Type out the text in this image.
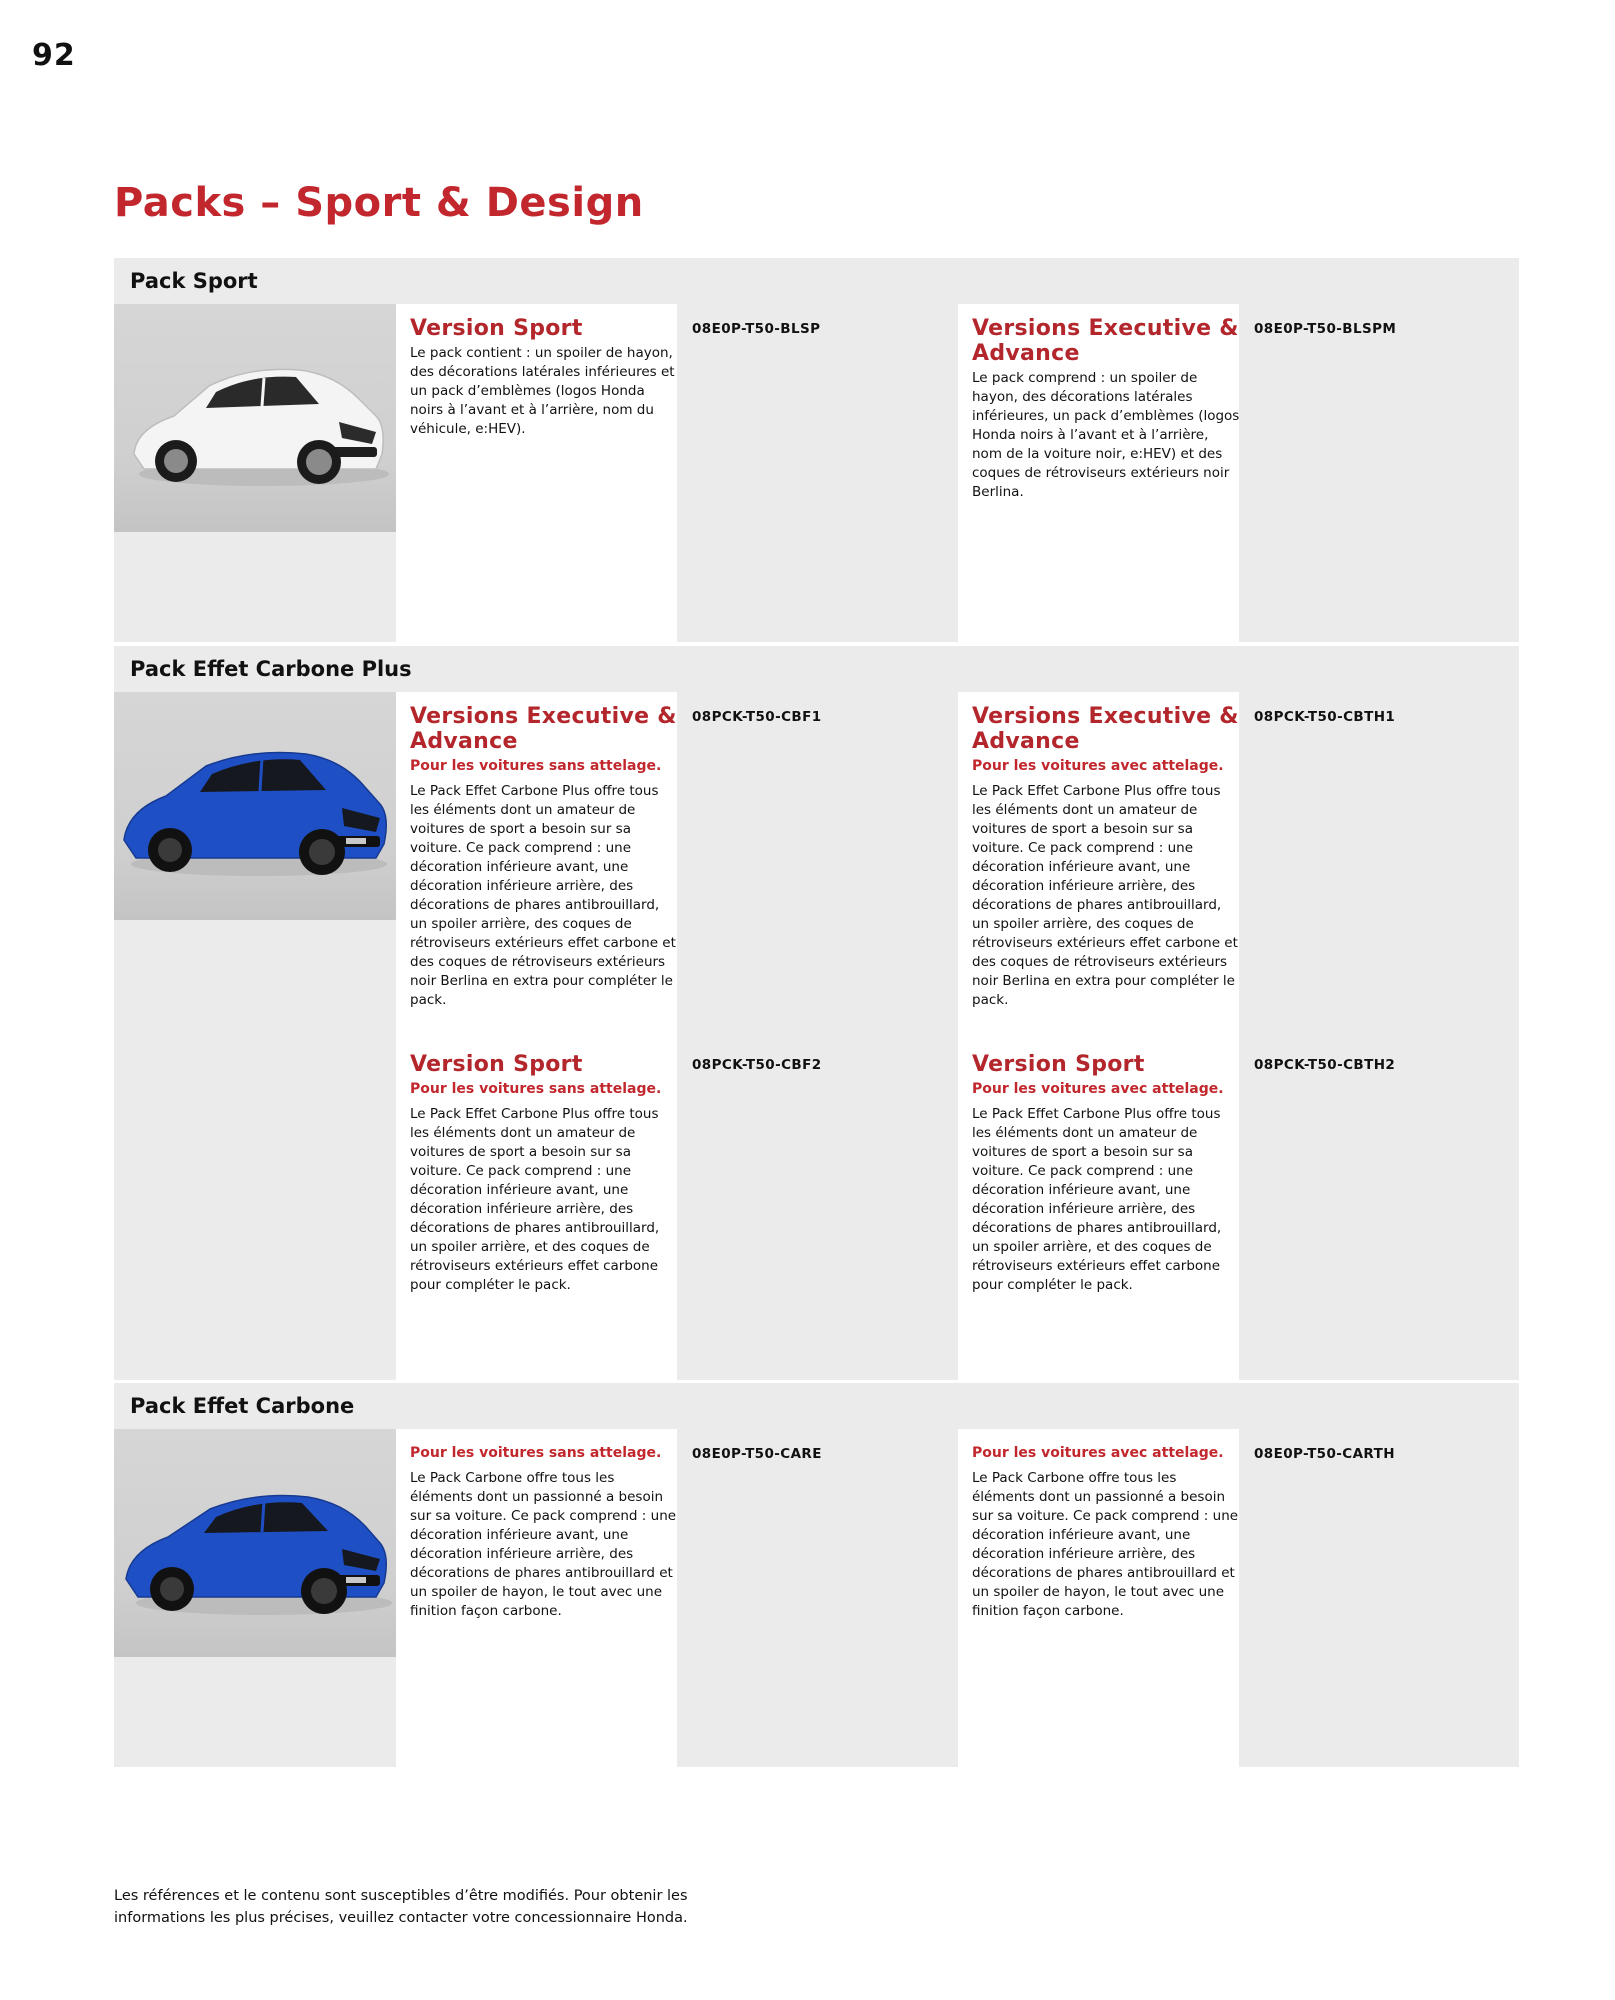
92
Packs – Sport & Design
Pack Sport
Version Sport
Le pack contient : un spoiler de hayon, des décorations latérales inférieures et un pack d’emblèmes (logos Honda noirs à l’avant et à l’arrière, nom du véhicule, e:HEV).
08E0P-T50-BLSP	Versions Executive & Advance
Le pack comprend : un spoiler de hayon, des décorations latérales inférieures, un pack d’emblèmes (logos Honda noirs à l’avant et à l’arrière, nom de la voiture noir, e:HEV) et des coques de rétroviseurs extérieurs noir Berlina.
08E0P-T50-BLSPM
Pack Effet Carbone Plus
Versions Executive & Advance
Pour les voitures sans attelage.
Le Pack Effet Carbone Plus offre tous les éléments dont un amateur de voitures de sport a besoin sur sa voiture. Ce pack comprend : une décoration inférieure avant, une décoration inférieure arrière, des décorations de phares antibrouillard, un spoiler arrière, des coques de rétroviseurs extérieurs effet carbone et des coques de rétroviseurs extérieurs noir Berlina en extra pour compléter le pack.
08PCK-T50-CBF1	Versions Executive & Advance
Pour les voitures avec attelage.
Le Pack Effet Carbone Plus offre tous les éléments dont un amateur de voitures de sport a besoin sur sa voiture. Ce pack comprend : une décoration inférieure avant, une décoration inférieure arrière, des décorations de phares antibrouillard, un spoiler arrière, des coques de rétroviseurs extérieurs effet carbone et des coques de rétroviseurs extérieurs noir Berlina en extra pour compléter le pack.
08PCK-T50-CBTH1
Version Sport
Pour les voitures sans attelage.
Le Pack Effet Carbone Plus offre tous les éléments dont un amateur de voitures de sport a besoin sur sa voiture. Ce pack comprend : une décoration inférieure avant, une décoration inférieure arrière, des décorations de phares antibrouillard, un spoiler arrière, et des coques de rétroviseurs extérieurs effet carbone pour compléter le pack.
08PCK-T50-CBF2	Version Sport
Pour les voitures avec attelage.
Le Pack Effet Carbone Plus offre tous les éléments dont un amateur de voitures de sport a besoin sur sa voiture. Ce pack comprend : une décoration inférieure avant, une décoration inférieure arrière, des décorations de phares antibrouillard, un spoiler arrière, et des coques de rétroviseurs extérieurs effet carbone pour compléter le pack.
08PCK-T50-CBTH2
Pack Effet Carbone
Pour les voitures sans attelage.
Le Pack Carbone offre tous les éléments dont un passionné a besoin sur sa voiture. Ce pack comprend : une décoration inférieure avant, une décoration inférieure arrière, des décorations de phares antibrouillard et un spoiler de hayon, le tout avec une finition façon carbone.
08E0P-T50-CARE	Pour les voitures avec attelage.
Le Pack Carbone offre tous les éléments dont un passionné a besoin sur sa voiture. Ce pack comprend : une décoration inférieure avant, une décoration inférieure arrière, des décorations de phares antibrouillard et un spoiler de hayon, le tout avec une finition façon carbone.
08E0P-T50-CARTH
Les références et le contenu sont susceptibles d’être modifiés. Pour obtenir les informations les plus précises, veuillez contacter votre concessionnaire Honda.
